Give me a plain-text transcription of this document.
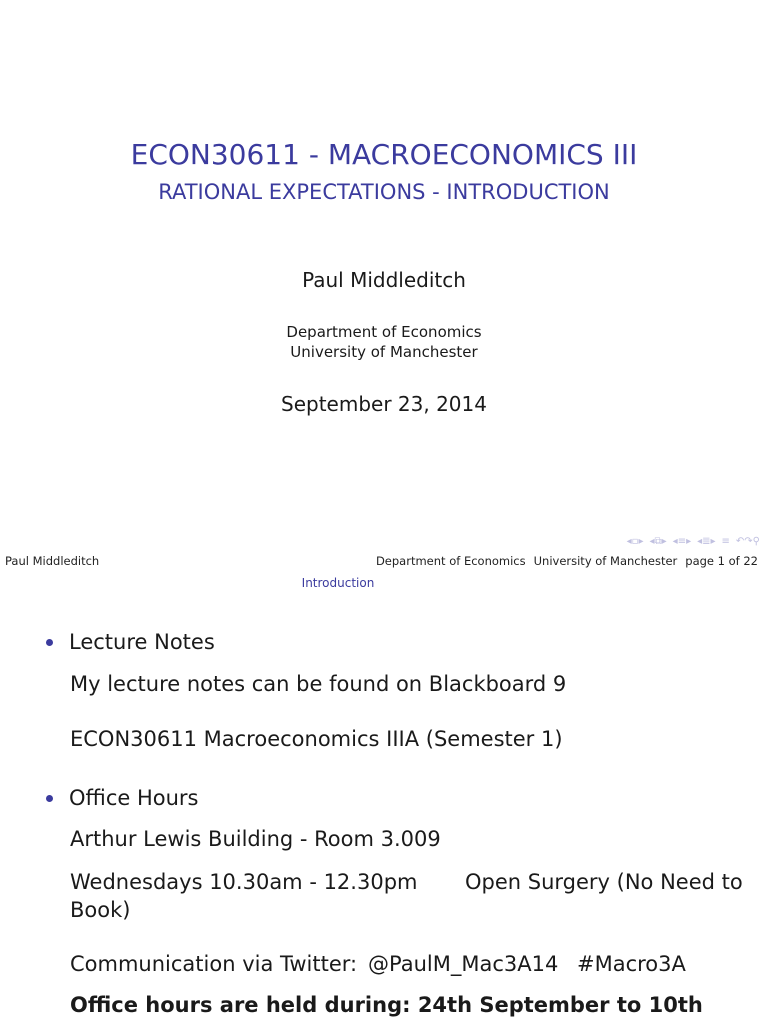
ECON30611 - MACROECONOMICS III
RATIONAL EXPECTATIONS - INTRODUCTION
Paul Middleditch
Department of Economics
University of Manchester
September 23, 2014
◂▫▸ ◂⧉▸ ◂≡▸ ◂≣▸ ≡ ↶↷⚲
Paul Middleditch	Department of Economics University of Manchester page 1 of 22
Introduction
Lecture Notes
My lecture notes can be found on Blackboard 9
ECON30611 Macroeconomics IIIA (Semester 1)
Office Hours
Arthur Lewis Building - Room 3.009
Wednesdays 10.30am - 12.30pm Open Surgery (No Need to
Book)
Communication via Twitter: @PaulM_Mac3A14 #Macro3A
Office hours are held during: 24th September to 10th
